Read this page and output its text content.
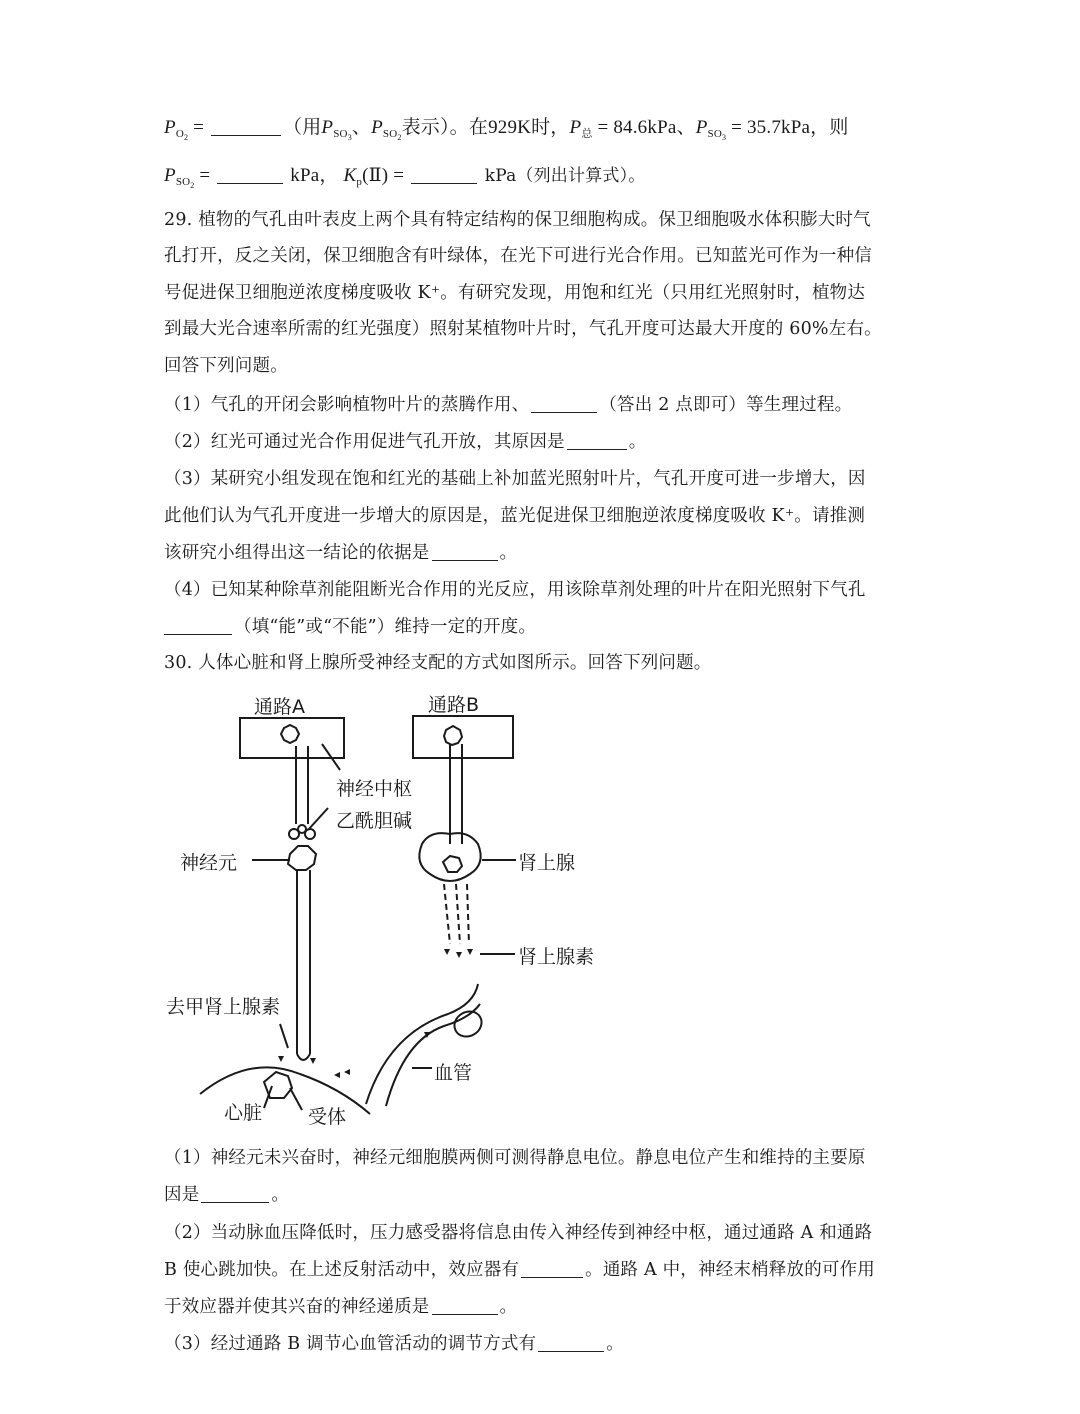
$P_{O_2}$ =	（用$P_{SO_3}$、$P_{SO_2}$表示）。在929K时，$P_总 = 84.6kPa$、$P_{SO_3} = 35.7kPa$，则
$P_{SO_2}$ =	kPa， $K_p(Ⅱ)$ =	kPa（列出计算式）。
29. 植物的气孔由叶表皮上两个具有特定结构的保卫细胞构成。保卫细胞吸水体积膨大时气
孔打开，反之关闭，保卫细胞含有叶绿体，在光下可进行光合作用。已知蓝光可作为一种信
号促进保卫细胞逆浓度梯度吸收 K⁺。有研究发现，用饱和红光（只用红光照射时，植物达
到最大光合速率所需的红光强度）照射某植物叶片时，气孔开度可达最大开度的 60%左右。
回答下列问题。
（1）气孔的开闭会影响植物叶片的蒸腾作用、	（答出 2 点即可）等生理过程。
（2）红光可通过光合作用促进气孔开放，其原因是	。
（3）某研究小组发现在饱和红光的基础上补加蓝光照射叶片，气孔开度可进一步增大，因
此他们认为气孔开度进一步增大的原因是，蓝光促进保卫细胞逆浓度梯度吸收 K⁺。请推测
该研究小组得出这一结论的依据是	。
（4）已知某种除草剂能阻断光合作用的光反应，用该除草剂处理的叶片在阳光照射下气孔
（填“能”或“不能”）维持一定的开度。
30. 人体心脏和肾上腺所受神经支配的方式如图所示。回答下列问题。
通路A	通路B
神经中枢
乙酰胆碱
神经元	肾上腺
肾上腺素
去甲肾上腺素
血管
心脏 受体
（1）神经元未兴奋时，神经元细胞膜两侧可测得静息电位。静息电位产生和维持的主要原
因是	。
（2）当动脉血压降低时，压力感受器将信息由传入神经传到神经中枢，通过通路 A 和通路
B 使心跳加快。在上述反射活动中，效应器有	。通路 A 中，神经末梢释放的可作用
于效应器并使其兴奋的神经递质是	。
（3）经过通路 B 调节心血管活动的调节方式有	。
